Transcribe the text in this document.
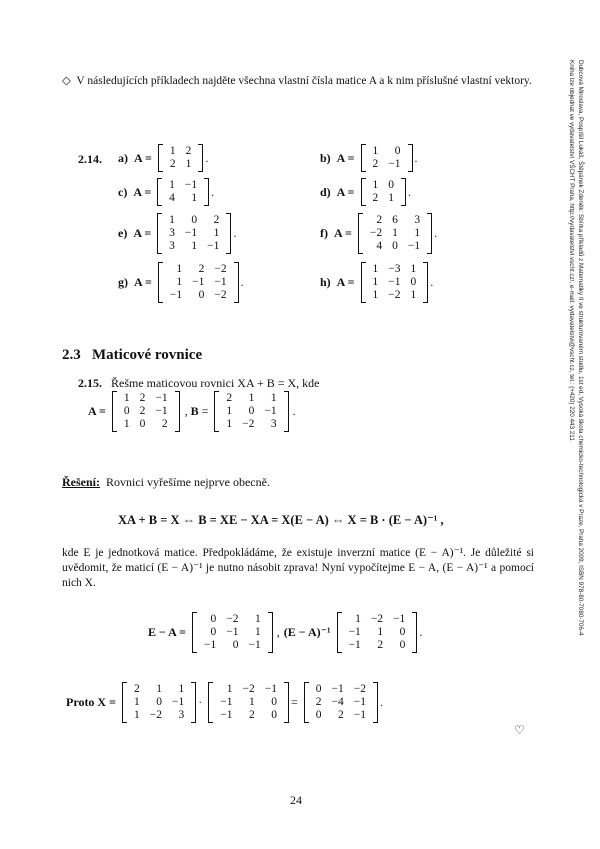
◇ V následujících příkladech najděte všechna vlastní čísla matice A a k nim příslušné vlastní vektory.
2.14. a)  A = 1	2
2	1 .	b)  A = 1	0
2	−1 .
c)  A = 1	−1
4	1 .	d)  A = 1	0
2	1 .
e)  A =
1	0	2
3	−1	1
3	1	−1
.	f)  A =
2	6	3
−2	1	1
4	0	−1
.
g)  A =
1	2	−2
1	−1	−1
−1	0	−2
.	h)  A =
1	−3	1
1	−1	0
1	−2	1
.
2.3 Maticové rovnice
2.15. Řešme maticovou rovnici XA + B = X, kde
A =
1	2	−1
0	2	−1
1	0	2
, B =
2	1	1
1	0	−1
1	−2	3
.
Řešení: Rovnici vyřešíme nejprve obecně.
XA + B = X ⇔ B = XE − XA = X(E − A) ⇔ X = B · (E − A)⁻¹ ,
kde E je jednotková matice. Předpokládáme, že existuje inverzní matice (E − A)⁻¹. Je důležité si uvědomit, že maticí (E − A)⁻¹ je nutno násobit zprava! Nyní vypočítejme E − A, (E − A)⁻¹ a pomocí nich X.
E − A =
0	−2	1
0	−1	1
−1	0	−1
, (E − A)⁻¹
1	−2	−1
−1	1	0
−1	2	0
.
Proto X =
2	1	1
1	0	−1
1	−2	3
·
1	−2	−1
−1	1	0
−1	2	0
=
0	−1	−2
2	−4	−1
0	2	−1
.
♡
24
Dubcová Miroslava, Pospíšil Lukáš, Štěpánek Zdeněk: Sbírka příkladů z Matematiky II ve strukturovaném studiu, 1st ed, Vysoká škola chemicko-technologická v Praze, Praha 2009, ISBN 978-80-7080-706-4
Kniha lze objednat ve vydavatelství VŠCHT Praha, http://vydavatelstvi.vscht.cz/, e-mail: vydavatelstvi@vscht.cz, tel.: (+420) 220 443 211
